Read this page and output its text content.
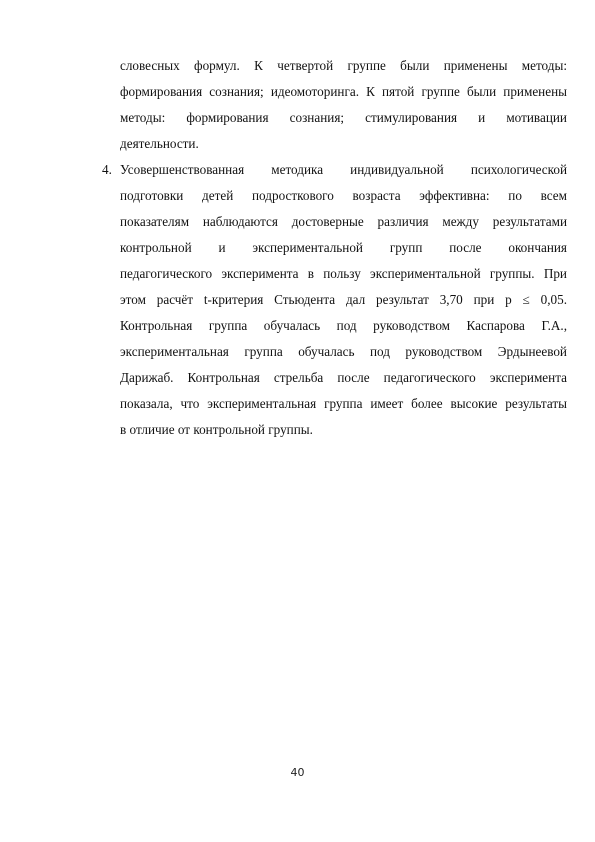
словесных формул. К четвертой группе были применены методы:
формирования сознания; идеомоторинга. К пятой группе были применены
методы: формирования сознания; стимулирования и мотивации
деятельности.
4. Усовершенствованная методика индивидуальной психологической
подготовки детей подросткового возраста эффективна: по всем
показателям наблюдаются достоверные различия между результатами
контрольной и экспериментальной групп после окончания
педагогического эксперимента в пользу экспериментальной группы. При
этом расчёт t-критерия Стьюдента дал результат 3,70 при p ≤ 0,05.
Контрольная группа обучалась под руководством Каспарова Г.А.,
экспериментальная группа обучалась под руководством Эрдынеевой
Дарижаб. Контрольная стрельба после педагогического эксперимента
показала, что экспериментальная группа имеет более высокие результаты
в отличие от контрольной группы.
40
